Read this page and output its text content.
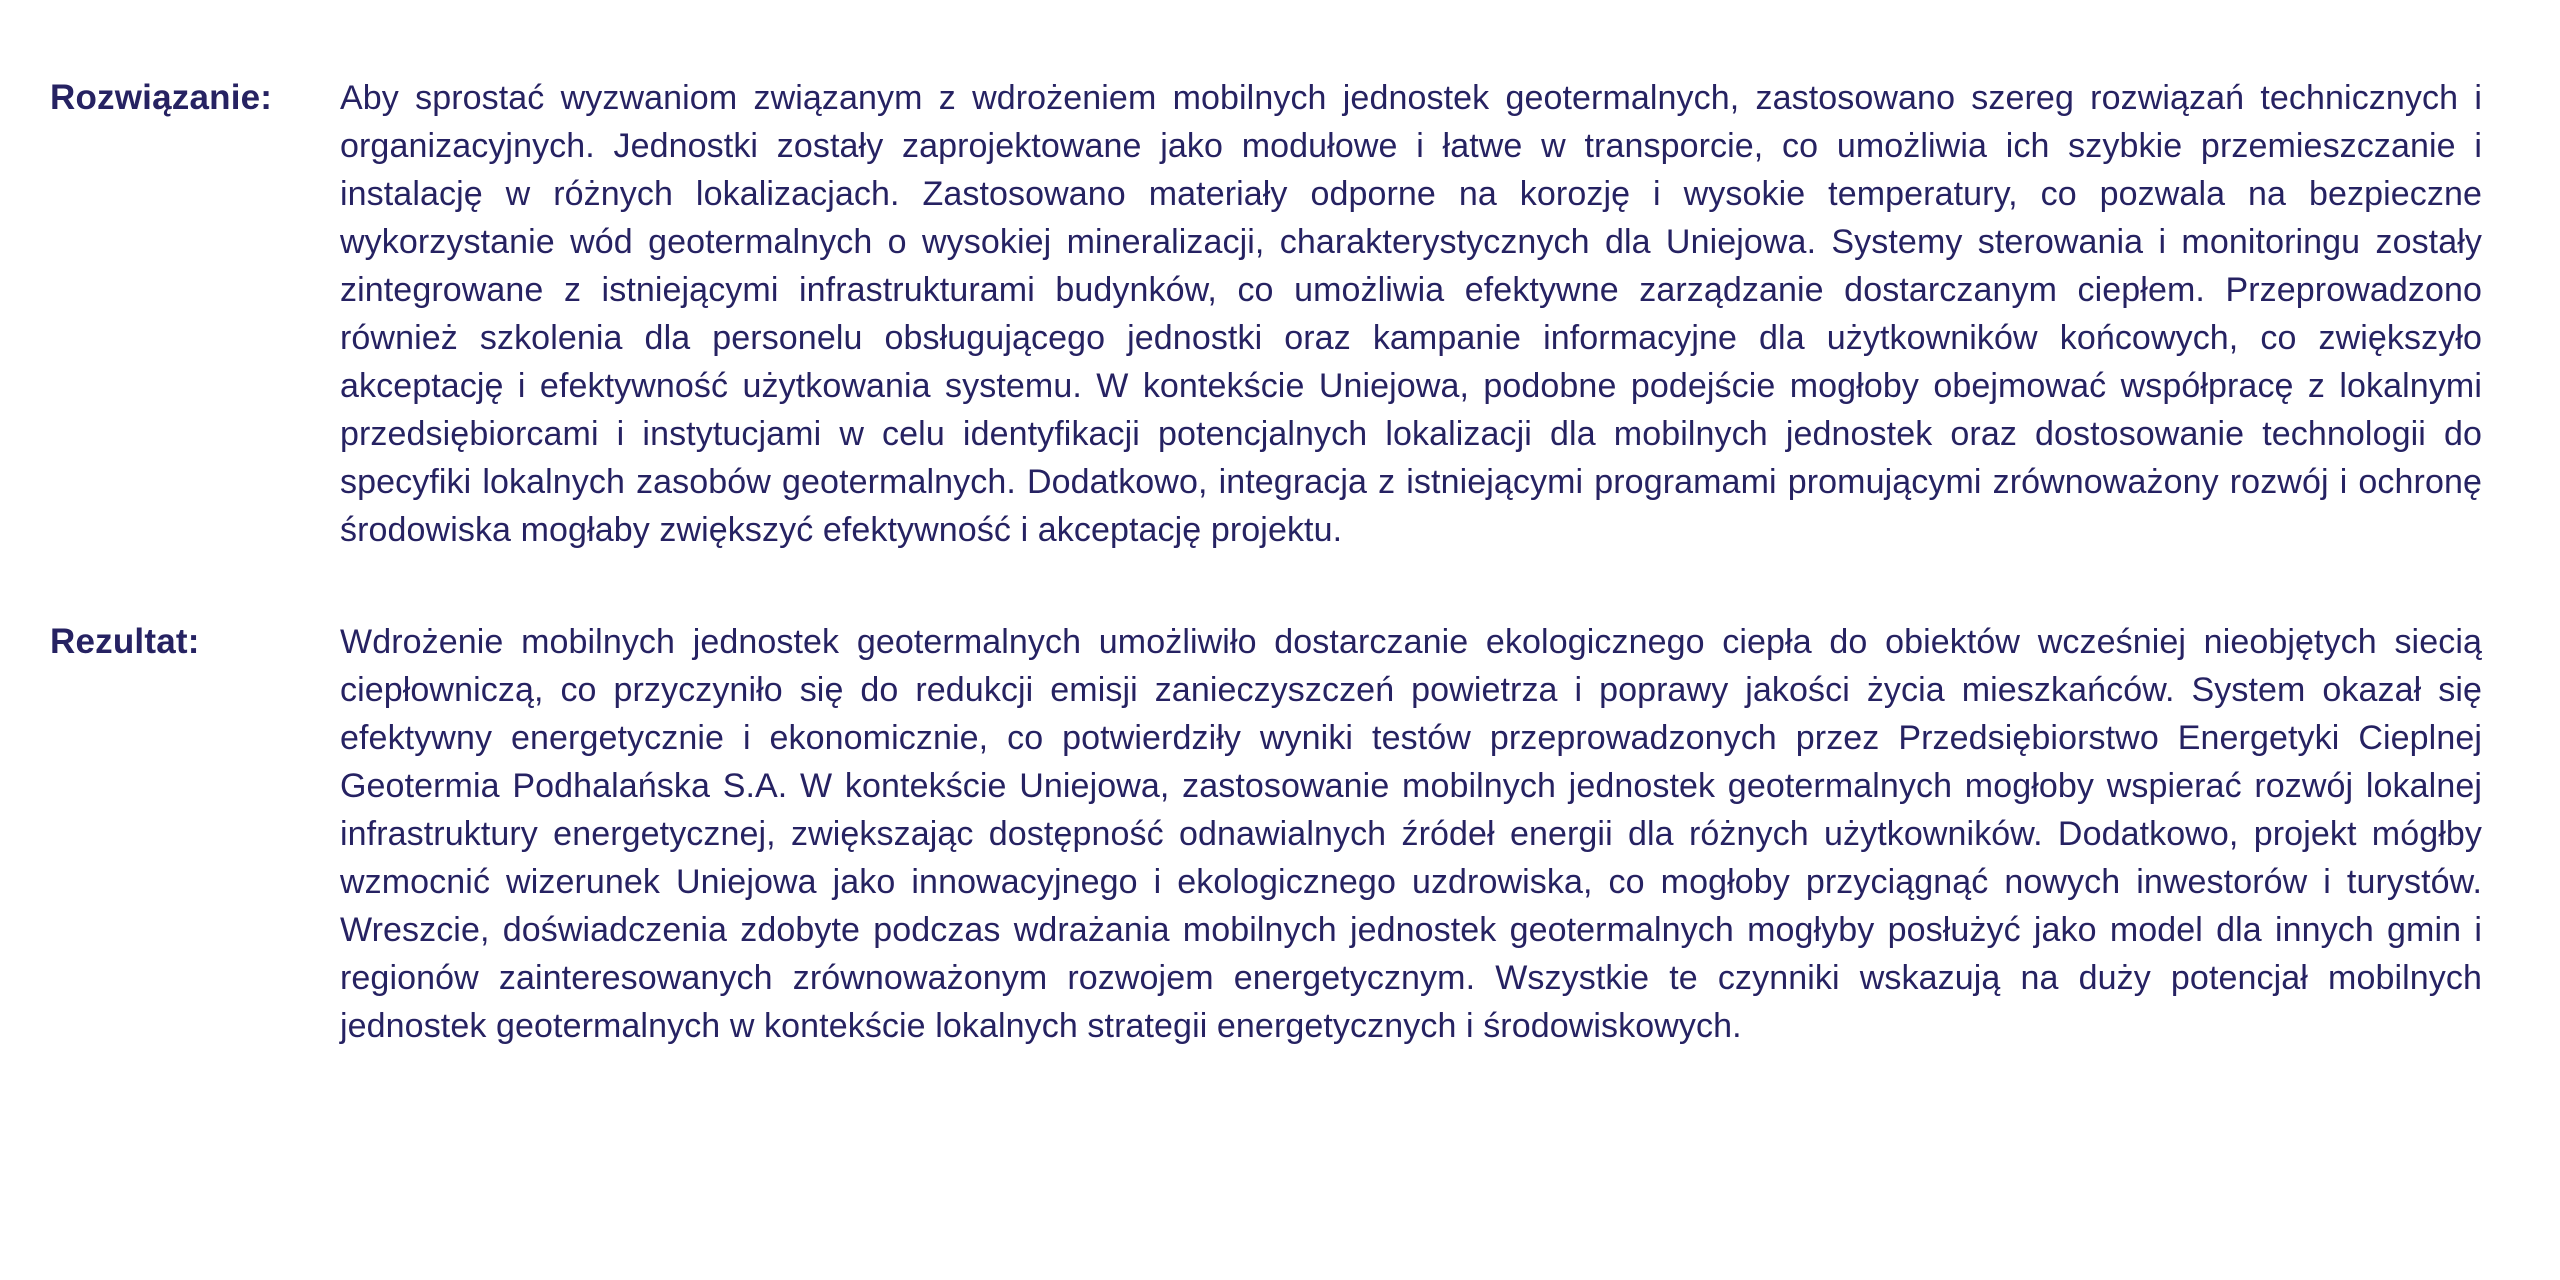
Rozwiązanie:	Aby sprostać wyzwaniom związanym z wdrożeniem mobilnych jednostek geotermalnych, zastosowano szereg rozwiązań technicznych i organizacyjnych. Jednostki zostały zaprojektowane jako modułowe i łatwe w transporcie, co umożliwia ich szybkie przemieszczanie i instalację w różnych lokalizacjach. Zastosowano materiały odporne na korozję i wysokie temperatury, co pozwala na bezpieczne wykorzystanie wód geotermalnych o wysokiej mineralizacji, charakterystycznych dla Uniejowa. Systemy sterowania i monitoringu zostały zintegrowane z istniejącymi infrastrukturami budynków, co umożliwia efektywne zarządzanie dostarczanym ciepłem. Przeprowadzono również szkolenia dla personelu obsługującego jednostki oraz kampanie informacyjne dla użytkowników końcowych, co zwiększyło akceptację i efektywność użytkowania systemu. W kontekście Uniejowa, podobne podejście mogłoby obejmować współpracę z lokalnymi przedsiębiorcami i instytucjami w celu identyfikacji potencjalnych lokalizacji dla mobilnych jednostek oraz dostosowanie technologii do specyfiki lokalnych zasobów geotermalnych. Dodatkowo, integracja z istniejącymi programami promującymi zrównoważony rozwój i ochronę środowiska mogłaby zwiększyć efektywność i akceptację projektu.
Rezultat:	Wdrożenie mobilnych jednostek geotermalnych umożliwiło dostarczanie ekologicznego ciepła do obiektów wcześniej nieobjętych siecią ciepłowniczą, co przyczyniło się do redukcji emisji zanieczyszczeń powietrza i poprawy jakości życia mieszkańców. System okazał się efektywny energetycznie i ekonomicznie, co potwierdziły wyniki testów przeprowadzonych przez Przedsiębiorstwo Energetyki Cieplnej Geotermia Podhalańska S.A. W kontekście Uniejowa, zastosowanie mobilnych jednostek geotermalnych mogłoby wspierać rozwój lokalnej infrastruktury energetycznej, zwiększając dostępność odnawialnych źródeł energii dla różnych użytkowników. Dodatkowo, projekt mógłby wzmocnić wizerunek Uniejowa jako innowacyjnego i ekologicznego uzdrowiska, co mogłoby przyciągnąć nowych inwestorów i turystów. Wreszcie, doświadczenia zdobyte podczas wdrażania mobilnych jednostek geotermalnych mogłyby posłużyć jako model dla innych gmin i regionów zainteresowanych zrównoważonym rozwojem energetycznym. Wszystkie te czynniki wskazują na duży potencjał mobilnych jednostek geotermalnych w kontekście lokalnych strategii energetycznych i środowiskowych.
